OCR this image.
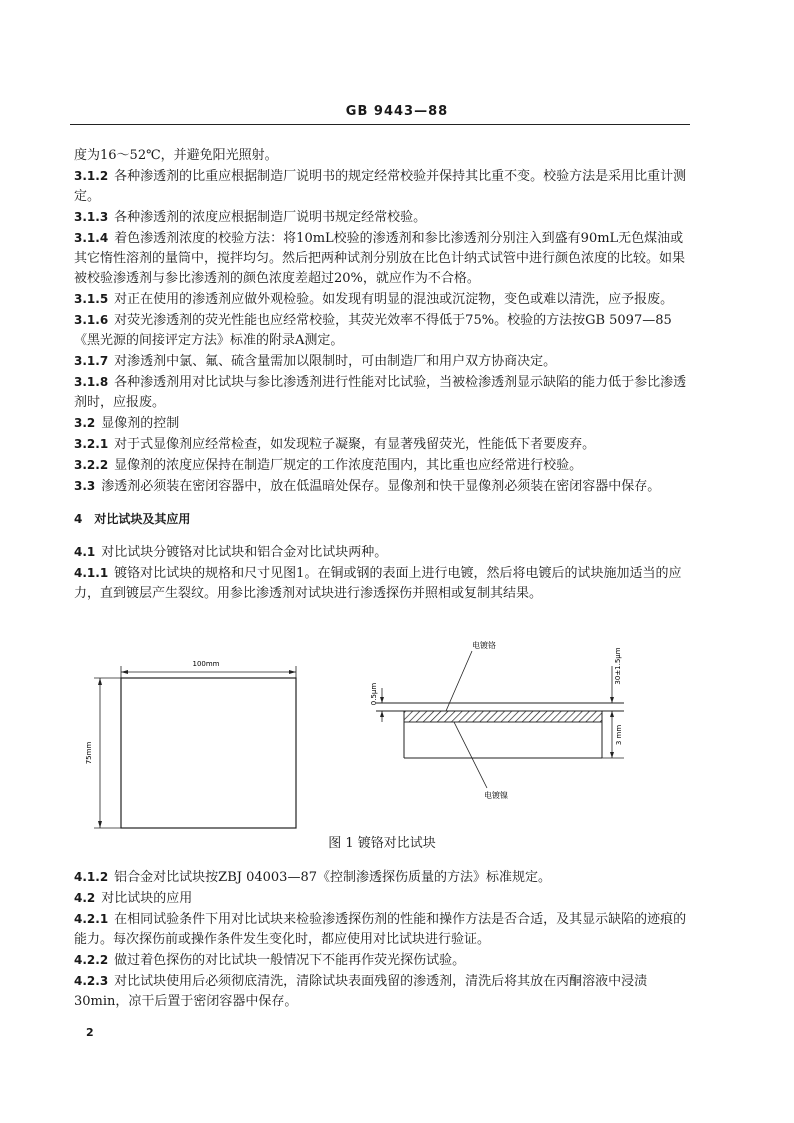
GB 9443—88

度为16～52℃，并避免阳光照射。

3.1.2 各种渗透剂的比重应根据制造厂说明书的规定经常校验并保持其比重不变。校验方法是采用比重计测定。

3.1.3 各种渗透剂的浓度应根据制造厂说明书规定经常校验。

3.1.4 着色渗透剂浓度的校验方法：将10mL校验的渗透剂和参比渗透剂分别注入到盛有90mL无色煤油或其它惰性溶剂的量筒中，搅拌均匀。然后把两种试剂分别放在比色计纳式试管中进行颜色浓度的比较。如果被校验渗透剂与参比渗透剂的颜色浓度差超过20%，就应作为不合格。

3.1.5 对正在使用的渗透剂应做外观检验。如发现有明显的混浊或沉淀物，变色或难以清洗，应予报废。

3.1.6 对荧光渗透剂的荧光性能也应经常校验，其荧光效率不得低于75%。校验的方法按GB 5097—85《黑光源的间接评定方法》标准的附录A测定。

3.1.7 对渗透剂中氯、氟、硫含量需加以限制时，可由制造厂和用户双方协商决定。

3.1.8 各种渗透剂用对比试块与参比渗透剂进行性能对比试验，当被检渗透剂显示缺陷的能力低于参比渗透剂时，应报废。

3.2 显像剂的控制

3.2.1 对于式显像剂应经常检查，如发现粒子凝聚，有显著残留荧光，性能低下者要废弃。

3.2.2 显像剂的浓度应保持在制造厂规定的工作浓度范围内，其比重也应经常进行校验。

3.3 渗透剂必须装在密闭容器中，放在低温暗处保存。显像剂和快干显像剂必须装在密闭容器中保存。

4 对比试块及其应用

4.1 对比试块分镀铬对比试块和铝合金对比试块两种。

4.1.1 镀铬对比试块的规格和尺寸见图1。在铜或钢的表面上进行电镀，然后将电镀后的试块施加适当的应力，直到镀层产生裂纹。用参比渗透剂对试块进行渗透探伤并照相或复制其结果。

100mm
75mm
0.5μm
30±1.5μm
3 mm
电镀铬
电镀镍

图 1 镀铬对比试块

4.1.2 铝合金对比试块按ZBJ 04003—87《控制渗透探伤质量的方法》标准规定。

4.2 对比试块的应用

4.2.1 在相同试验条件下用对比试块来检验渗透探伤剂的性能和操作方法是否合适，及其显示缺陷的迹痕的能力。每次探伤前或操作条件发生变化时，都应使用对比试块进行验证。

4.2.2 做过着色探伤的对比试块一般情况下不能再作荧光探伤试验。

4.2.3 对比试块使用后必须彻底清洗，清除试块表面残留的渗透剂，清洗后将其放在丙酮溶液中浸渍30min，凉干后置于密闭容器中保存。

2
